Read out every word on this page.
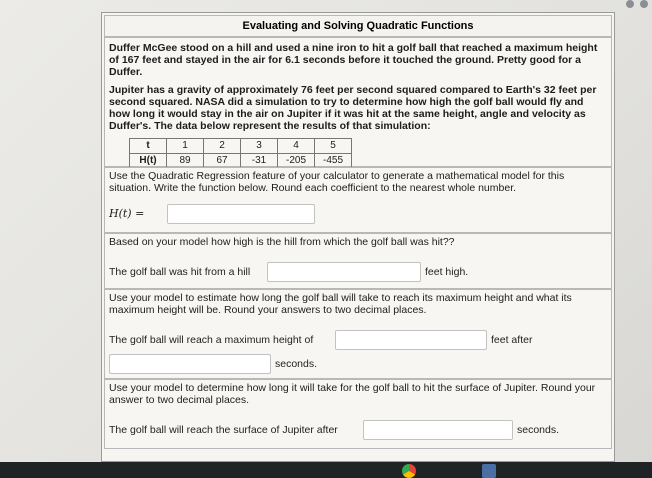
Evaluating and Solving Quadratic Functions

Duffer McGee stood on a hill and used a nine iron to hit a golf ball that reached a maximum height of 167 feet and stayed in the air for 6.1 seconds before it touched the ground. Pretty good for a Duffer.

Jupiter has a gravity of approximately 76 feet per second squared compared to Earth's 32 feet per second squared. NASA did a simulation to try to determine how high the golf ball would fly and how long it would stay in the air on Jupiter if it was hit at the same height, angle and velocity as Duffer's. The data below represent the results of that simulation:

t	1	2	3	4	5
H(t)	89	67	-31	-205	-455
Use the Quadratic Regression feature of your calculator to generate a mathematical model for this situation. Write the function below. Round each coefficient to the nearest whole number.
H(t) =
Based on your model how high is the hill from which the golf ball was hit??
The golf ball was hit from a hill	feet high.
Use your model to estimate how long the golf ball will take to reach its maximum height and what its maximum height will be. Round your answers to two decimal places.
The golf ball will reach a maximum height of	feet after
seconds.
Use your model to determine how long it will take for the golf ball to hit the surface of Jupiter. Round your answer to two decimal places.
The golf ball will reach the surface of Jupiter after	seconds.
